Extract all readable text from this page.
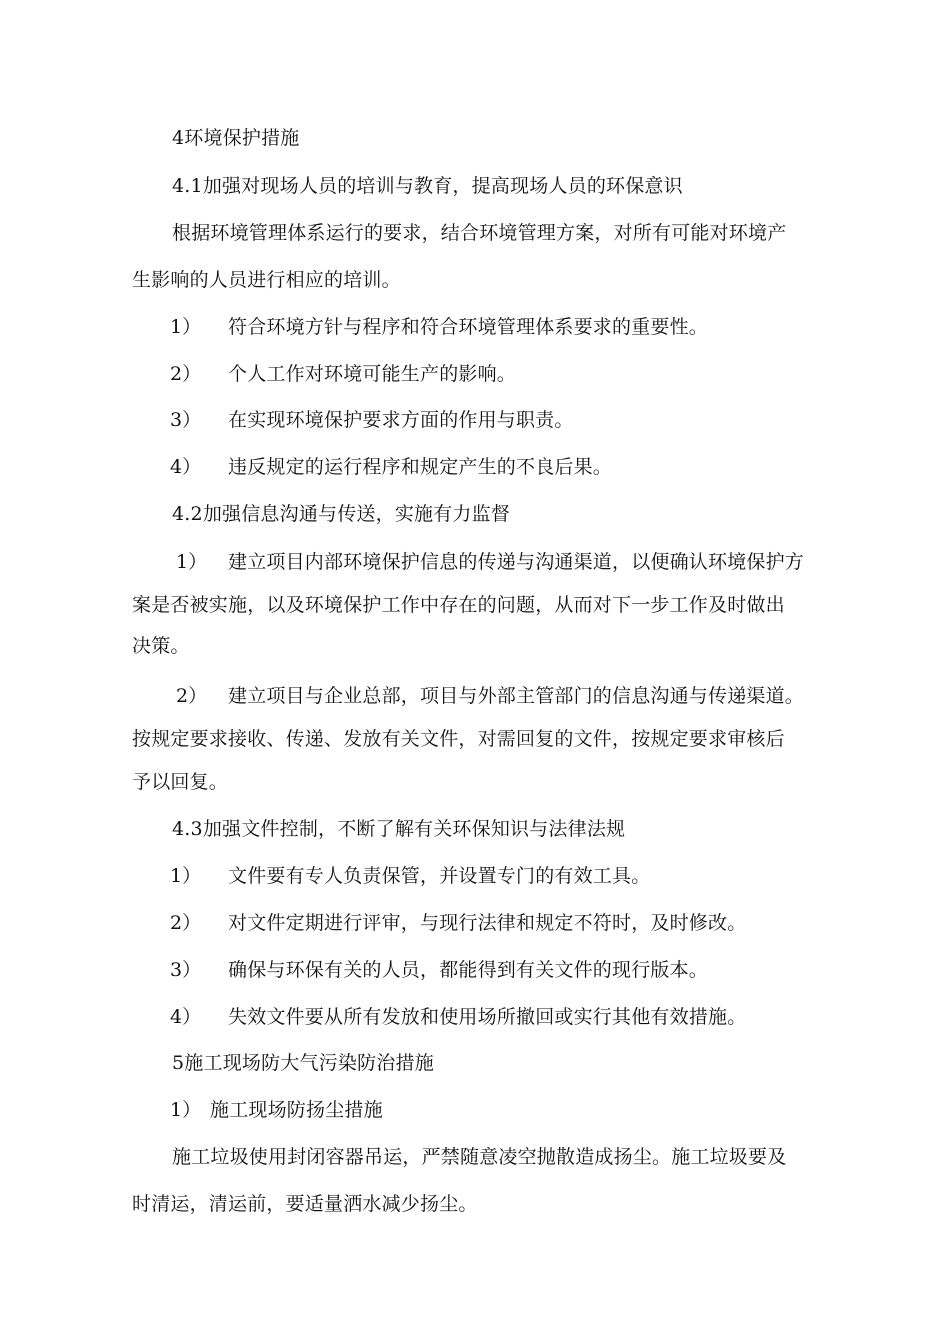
4环境保护措施
4.1加强对现场人员的培训与教育，提高现场人员的环保意识
根据环境管理体系运行的要求，结合环境管理方案，对所有可能对环境产
生影响的人员进行相应的培训。
1） 符合环境方针与程序和符合环境管理体系要求的重要性。
2） 个人工作对环境可能生产的影响。
3） 在实现环境保护要求方面的作用与职责。
4） 违反规定的运行程序和规定产生的不良后果。
4.2加强信息沟通与传送，实施有力监督
1） 建立项目内部环境保护信息的传递与沟通渠道，以便确认环境保护方
案是否被实施，以及环境保护工作中存在的问题，从而对下一步工作及时做出
决策。
2） 建立项目与企业总部，项目与外部主管部门的信息沟通与传递渠道。
按规定要求接收、传递、发放有关文件，对需回复的文件，按规定要求审核后
予以回复。
4.3加强文件控制，不断了解有关环保知识与法律法规
1） 文件要有专人负责保管，并设置专门的有效工具。
2） 对文件定期进行评审，与现行法律和规定不符时，及时修改。
3） 确保与环保有关的人员，都能得到有关文件的现行版本。
4） 失效文件要从所有发放和使用场所撤回或实行其他有效措施。
5施工现场防大气污染防治措施
1） 施工现场防扬尘措施
施工垃圾使用封闭容器吊运，严禁随意凌空抛散造成扬尘。施工垃圾要及
时清运，清运前，要适量洒水减少扬尘。
